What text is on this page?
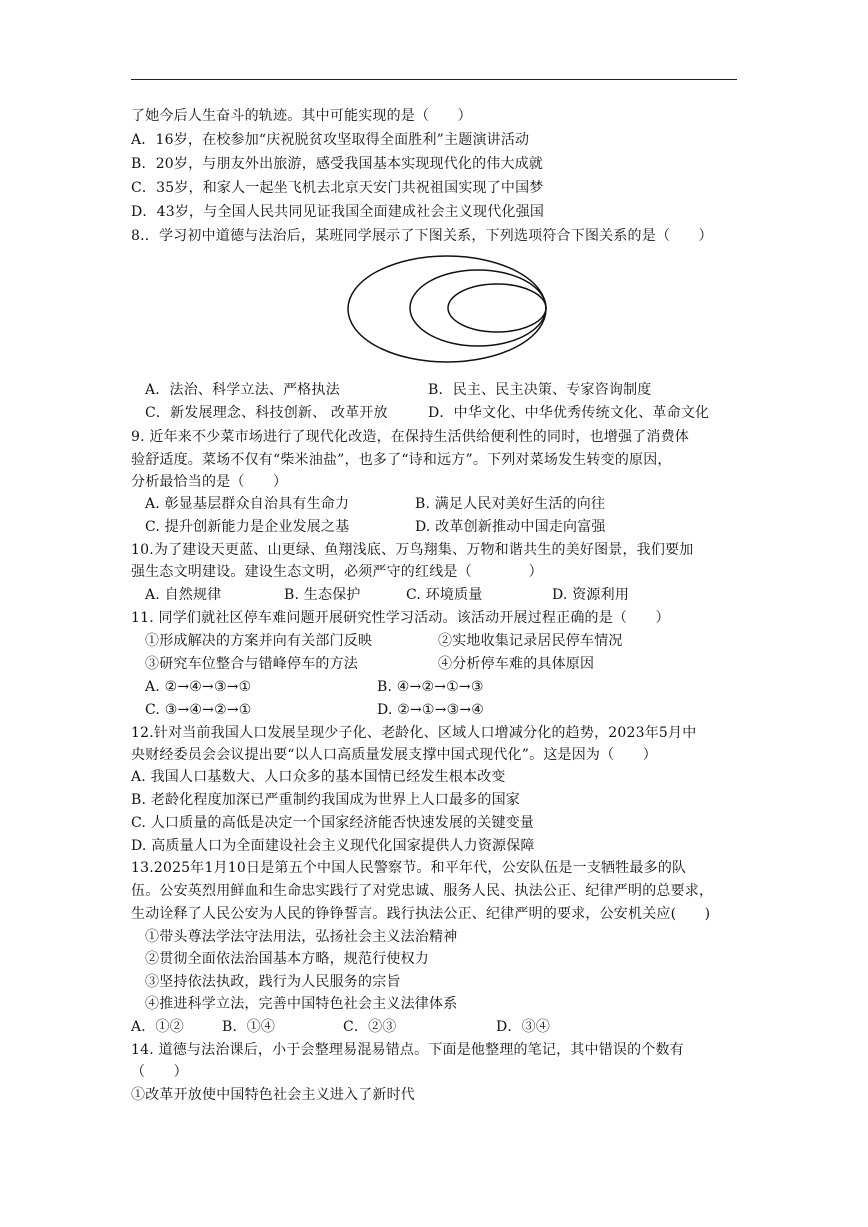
了她今后人生奋斗的轨迹。其中可能实现的是（　　）
A．16岁，在校参加“庆祝脱贫攻坚取得全面胜利”主题演讲活动
B．20岁，与朋友外出旅游，感受我国基本实现现代化的伟大成就
C．35岁，和家人一起坐飞机去北京天安门共祝祖国实现了中国梦
D．43岁，与全国人民共同见证我国全面建成社会主义现代化强国
8.．学习初中道德与法治后，某班同学展示了下图关系，下列选项符合下图关系的是（　　）
A．法治、科学立法、严格执法	B．民主、民主决策、专家咨询制度
C．新发展理念、科技创新、 改革开放	D．中华文化、中华优秀传统文化、革命文化
9. 近年来不少菜市场进行了现代化改造，在保持生活供给便利性的同时，也增强了消费体
验舒适度。菜场不仅有“柴米油盐”，也多了“诗和远方”。下列对菜场发生转变的原因，
分析最恰当的是（　　）
A. 彰显基层群众自治具有生命力	B. 满足人民对美好生活的向往
C. 提升创新能力是企业发展之基	D. 改革创新推动中国走向富强
10.为了建设天更蓝、山更绿、鱼翔浅底、万鸟翔集、万物和谐共生的美好图景，我们要加
强生态文明建设。建设生态文明，必须严守的红线是（　　　　）
A. 自然规律	B. 生态保护	C. 环境质量	D. 资源利用
11. 同学们就社区停车难问题开展研究性学习活动。该活动开展过程正确的是（　　）
①形成解决的方案并向有关部门反映	②实地收集记录居民停车情况
③研究车位整合与错峰停车的方法	④分析停车难的具体原因
A. ②→④→③→①	B. ④→②→①→③
C. ③→④→②→①	D. ②→①→③→④
12.针对当前我国人口发展呈现少子化、老龄化、区域人口增减分化的趋势，2023年5月中
央财经委员会会议提出要“以人口高质量发展支撑中国式现代化”。这是因为（　　）
A. 我国人口基数大、人口众多的基本国情已经发生根本改变
B. 老龄化程度加深已严重制约我国成为世界上人口最多的国家
C. 人口质量的高低是决定一个国家经济能否快速发展的关键变量
D. 高质量人口为全面建设社会主义现代化国家提供人力资源保障
13.2025年1月10日是第五个中国人民警察节。和平年代，公安队伍是一支牺牲最多的队
伍。公安英烈用鲜血和生命忠实践行了对党忠诚、服务人民、执法公正、纪律严明的总要求，
生动诠释了人民公安为人民的铮铮誓言。践行执法公正、纪律严明的要求，公安机关应(　　)
①带头尊法学法守法用法，弘扬社会主义法治精神
②贯彻全面依法治国基本方略，规范行使权力
③坚持依法执政，践行为人民服务的宗旨
④推进科学立法，完善中国特色社会主义法律体系
A．①②	B．①④	C．②③	D．③④
14. 道德与法治课后，小于会整理易混易错点。下面是他整理的笔记，其中错误的个数有
（　　）
①改革开放使中国特色社会主义进入了新时代
